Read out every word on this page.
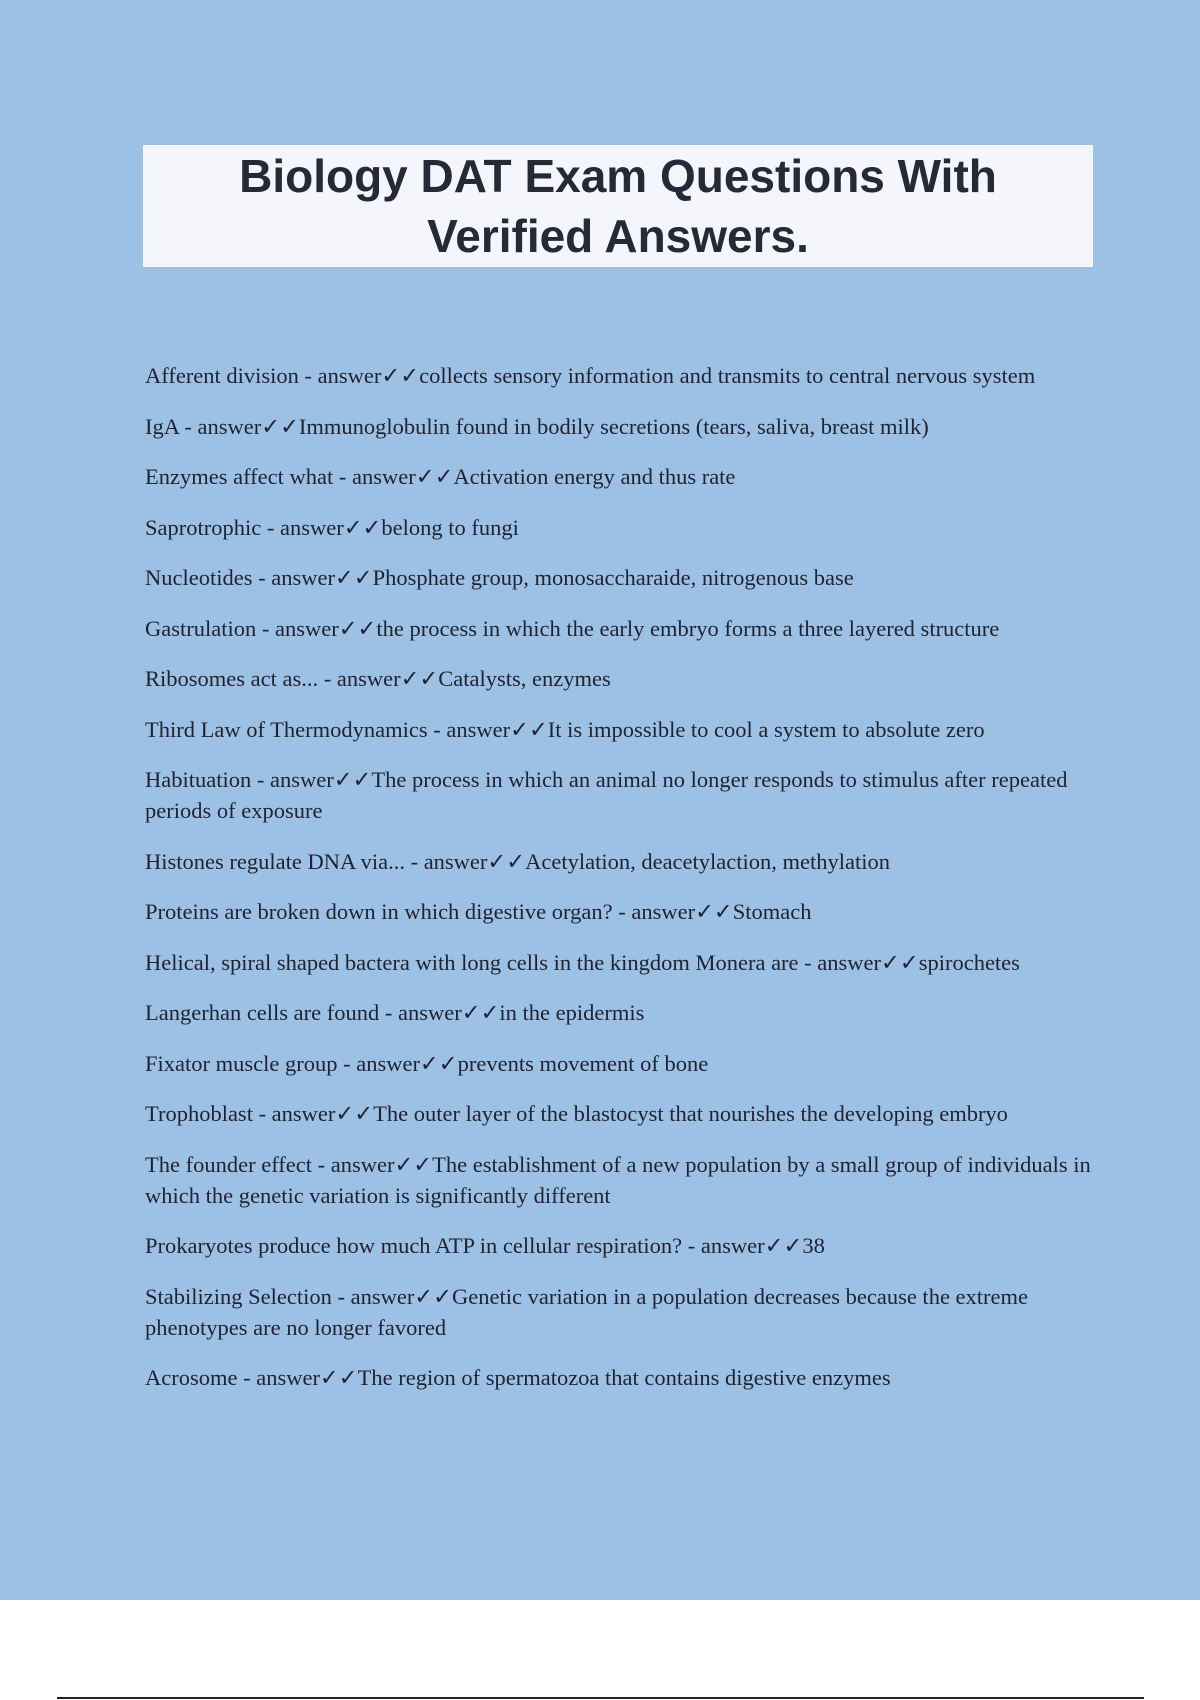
Biology DAT Exam Questions With
Verified Answers.
Afferent division - answer✓✓collects sensory information and transmits to central nervous system
IgA - answer✓✓Immunoglobulin found in bodily secretions (tears, saliva, breast milk)
Enzymes affect what - answer✓✓Activation energy and thus rate
Saprotrophic - answer✓✓belong to fungi
Nucleotides - answer✓✓Phosphate group, monosaccharaide, nitrogenous base
Gastrulation - answer✓✓the process in which the early embryo forms a three layered structure
Ribosomes act as... - answer✓✓Catalysts, enzymes
Third Law of Thermodynamics - answer✓✓It is impossible to cool a system to absolute zero
Habituation - answer✓✓The process in which an animal no longer responds to stimulus after repeated periods of exposure
Histones regulate DNA via... - answer✓✓Acetylation, deacetylaction, methylation
Proteins are broken down in which digestive organ? - answer✓✓Stomach
Helical, spiral shaped bactera with long cells in the kingdom Monera are - answer✓✓spirochetes
Langerhan cells are found - answer✓✓in the epidermis
Fixator muscle group - answer✓✓prevents movement of bone
Trophoblast - answer✓✓The outer layer of the blastocyst that nourishes the developing embryo
The founder effect - answer✓✓The establishment of a new population by a small group of individuals in which the genetic variation is significantly different
Prokaryotes produce how much ATP in cellular respiration? - answer✓✓38
Stabilizing Selection - answer✓✓Genetic variation in a population decreases because the extreme phenotypes are no longer favored
Acrosome - answer✓✓The region of spermatozoa that contains digestive enzymes
